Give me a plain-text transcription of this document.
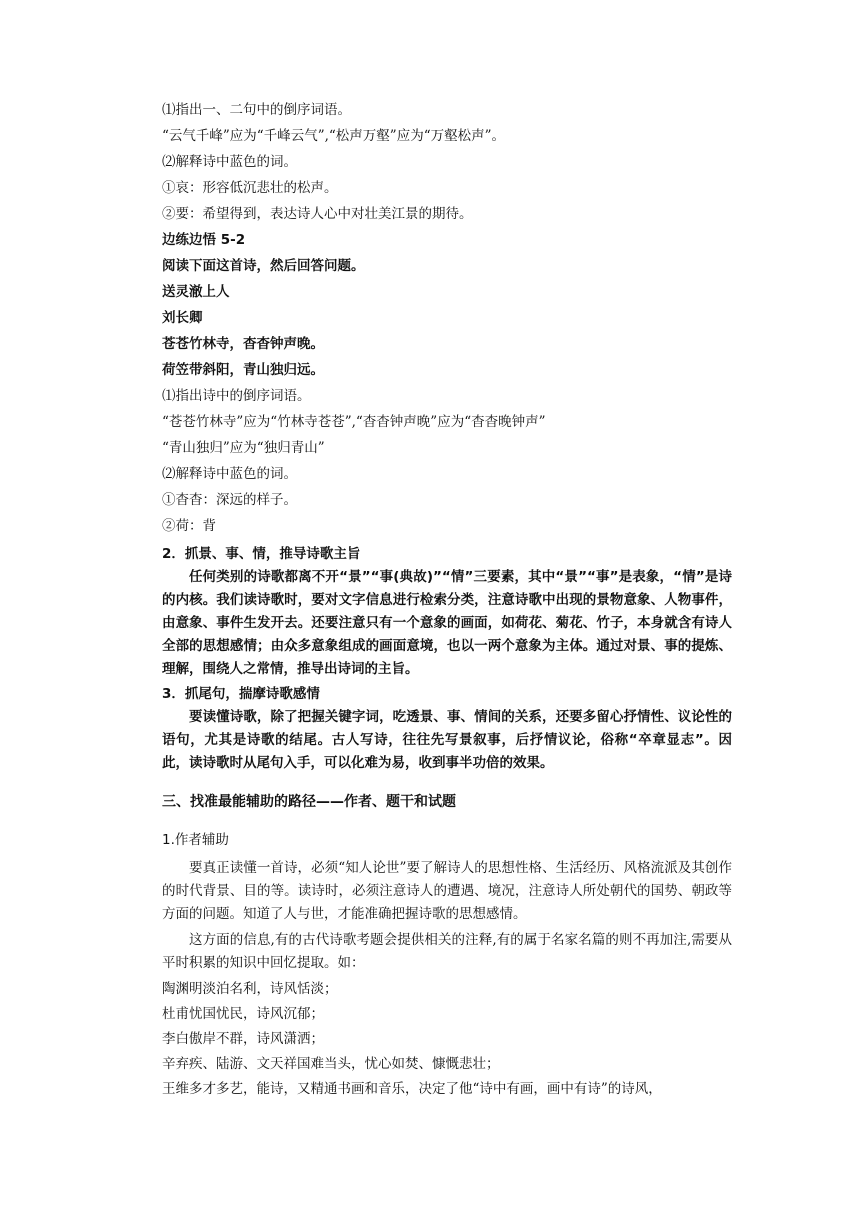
⑴指出一、二句中的倒序词语。
“云气千峰”应为“千峰云气”,“松声万壑”应为“万壑松声”。
⑵解释诗中蓝色的词。
①哀：形容低沉悲壮的松声。
②要：希望得到，表达诗人心中对壮美江景的期待。
边练边悟 5-2
阅读下面这首诗，然后回答问题。
送灵澈上人
刘长卿
苍苍竹林寺，杳杳钟声晚。
荷笠带斜阳，青山独归远。
⑴指出诗中的倒序词语。
“苍苍竹林寺”应为“竹林寺苍苍”,“杳杳钟声晚”应为“杳杳晚钟声”
“青山独归”应为“独归青山”
⑵解释诗中蓝色的词。
①杳杳：深远的样子。
②荷：背
2．抓景、事、情，推导诗歌主旨
任何类别的诗歌都离不开“景”“事(典故)”“情”三要素，其中“景”“事”是表象，“情”是诗的内核。我们读诗歌时，要对文字信息进行检索分类，注意诗歌中出现的景物意象、人物事件，由意象、事件生发开去。还要注意只有一个意象的画面，如荷花、菊花、竹子，本身就含有诗人全部的思想感情；由众多意象组成的画面意境，也以一两个意象为主体。通过对景、事的提炼、理解，围绕人之常情，推导出诗词的主旨。
3．抓尾句，揣摩诗歌感情
要读懂诗歌，除了把握关键字词，吃透景、事、情间的关系，还要多留心抒情性、议论性的语句，尤其是诗歌的结尾。古人写诗，往往先写景叙事，后抒情议论，俗称“卒章显志”。因此，读诗歌时从尾句入手，可以化难为易，收到事半功倍的效果。
三、找准最能辅助的路径——作者、题干和试题
1.作者辅助
要真正读懂一首诗，必须“知人论世”要了解诗人的思想性格、生活经历、风格流派及其创作的时代背景、目的等。读诗时，必须注意诗人的遭遇、境况，注意诗人所处朝代的国势、朝政等方面的问题。知道了人与世，才能准确把握诗歌的思想感情。
这方面的信息,有的古代诗歌考题会提供相关的注释,有的属于名家名篇的则不再加注,需要从平时积累的知识中回忆提取。如：
陶渊明淡泊名利，诗风恬淡；
杜甫忧国忧民，诗风沉郁；
李白傲岸不群，诗风潇洒；
辛弃疾、陆游、文天祥国难当头，忧心如焚、慷慨悲壮；
王维多才多艺，能诗，又精通书画和音乐，决定了他“诗中有画，画中有诗”的诗风，
